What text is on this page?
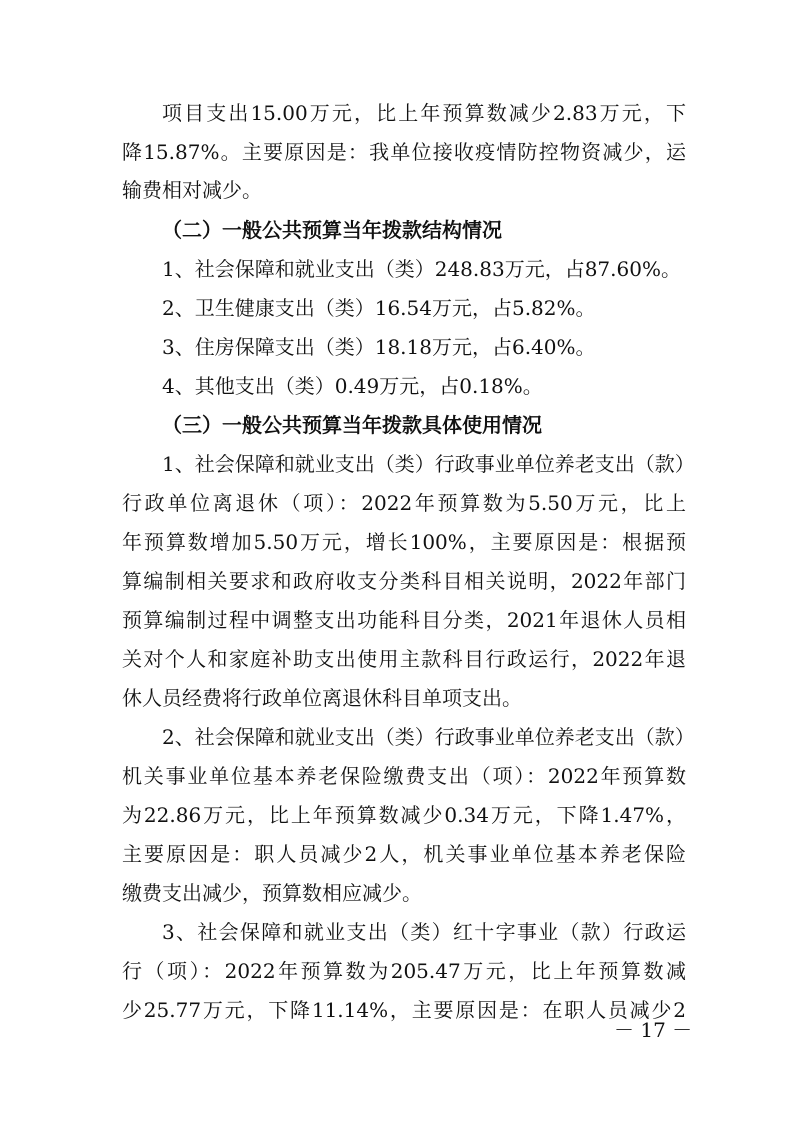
项目支出15.00万元，比上年预算数减少2.83万元，下
降15.87%。主要原因是：我单位接收疫情防控物资减少，运
输费相对减少。
（二）一般公共预算当年拨款结构情况
1、社会保障和就业支出（类）248.83万元，占87.60%。
2、卫生健康支出（类）16.54万元，占5.82%。
3、住房保障支出（类）18.18万元，占6.40%。
4、其他支出（类）0.49万元，占0.18%。
（三）一般公共预算当年拨款具体使用情况
1、社会保障和就业支出（类）行政事业单位养老支出（款）
行政单位离退休（项）：2022年预算数为5.50万元，比上
年预算数增加5.50万元，增长100%，主要原因是：根据预
算编制相关要求和政府收支分类科目相关说明，2022年部门
预算编制过程中调整支出功能科目分类，2021年退休人员相
关对个人和家庭补助支出使用主款科目行政运行，2022年退
休人员经费将行政单位离退休科目单项支出。
2、社会保障和就业支出（类）行政事业单位养老支出（款）
机关事业单位基本养老保险缴费支出（项）：2022年预算数
为22.86万元，比上年预算数减少0.34万元，下降1.47%，
主要原因是：职人员减少2人，机关事业单位基本养老保险
缴费支出减少，预算数相应减少。
3、社会保障和就业支出（类）红十字事业（款）行政运
行（项）：2022年预算数为205.47万元，比上年预算数减
少25.77万元，下降11.14%，主要原因是：在职人员减少2
－ 17 －
